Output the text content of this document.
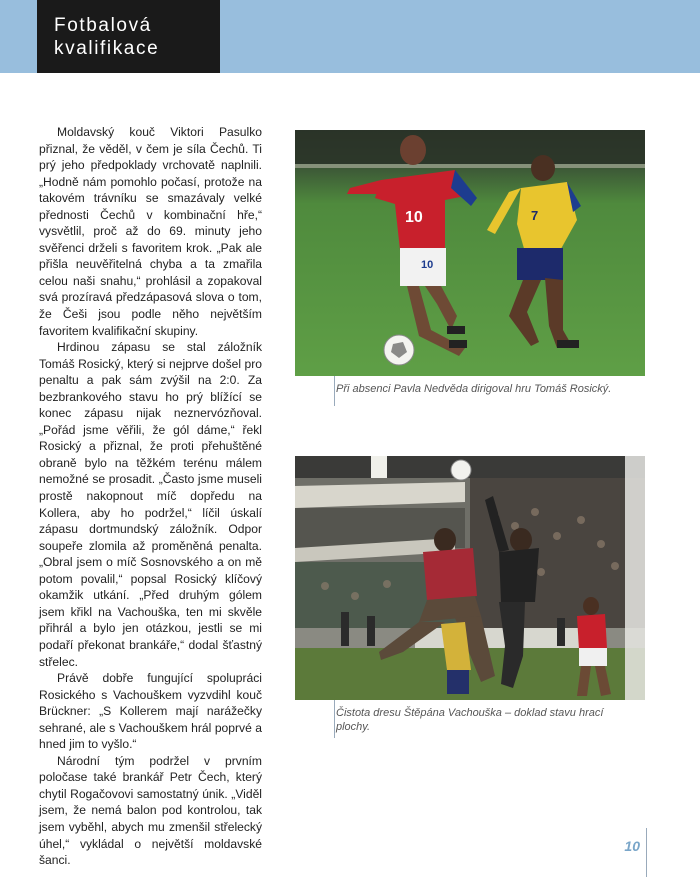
Fotbalová
kvalifikace

Moldavský kouč Viktori Pasulko přiznal, že věděl, v čem je síla Čechů. Ti prý jeho předpoklady vrchovatě naplnili. „Hodně nám pomohlo počasí, protože na takovém trávníku se smazávaly velké přednosti Čechů v kombinační hře,“ vysvětlil, proč až do 69. minuty jeho svěřenci drželi s favoritem krok. „Pak ale přišla neuvěřitelná chyba a ta zmařila celou naši snahu,“ prohlásil a zopakoval svá prozíravá předzápasová slova o tom, že Češi jsou podle něho největším favoritem kvalifikační skupiny.

Hrdinou zápasu se stal záložník Tomáš Rosický, který si nejprve došel pro penaltu a pak sám zvýšil na 2:0. Za bezbrankového stavu ho prý blížící se konec zápasu nijak neznervózňoval. „Pořád jsme věřili, že gól dáme,“ řekl Rosický a přiznal, že proti přehuštěné obraně bylo na těžkém terénu málem nemožné se prosadit. „Často jsme museli prostě nakopnout míč dopředu na Kollera, aby ho podržel,“ líčil úskalí zápasu dortmundský záložník. Odpor soupeře zlomila až proměněná penalta. „Obral jsem o míč Sosnovského a on mě potom povalil,“ popsal Rosický klíčový okamžik utkání. „Před druhým gólem jsem křikl na Vachouška, ten mi skvěle přihrál a bylo jen otázkou, jestli se mi podaří překonat brankáře,“ dodal šťastný střelec.

Právě dobře fungující spolupráci Rosického s Vachouškem vyzvdihl kouč Brückner: „S Kollerem mají narážečky sehrané, ale s Vachouškem hrál poprvé a hned jim to vyšlo.“

Národní tým podržel v prvním poločase také brankář Petr Čech, který chytil Rogačovovi samostatný únik. „Viděl jsem, že nemá balon pod kontrolou, tak jsem vyběhl, abych mu zmenšil střelecký úhel,“ vykládal o největší moldavské šanci.

10
10
7

Při absenci Pavla Nedvěda dirigoval hru Tomáš Rosický.

Čistota dresu Štěpána Vachouška – doklad stavu hrací plochy.

10
